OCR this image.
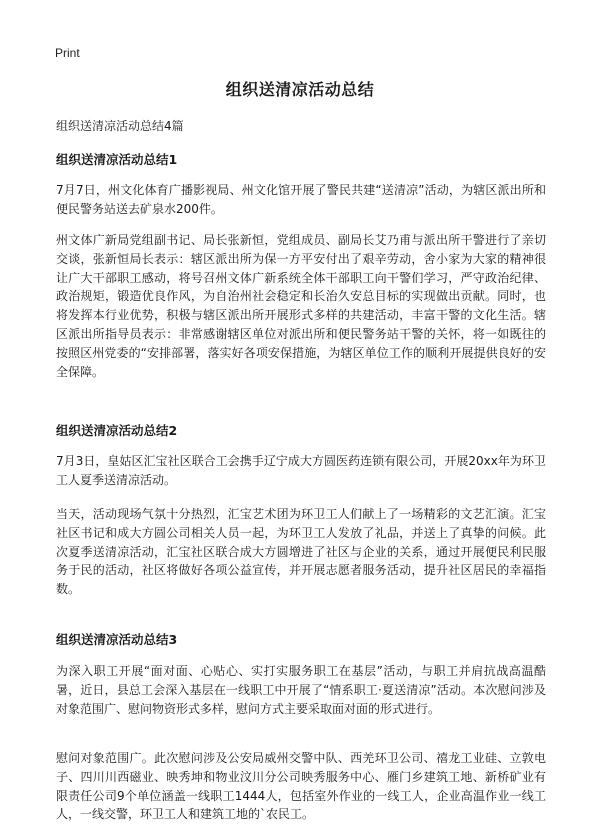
Print
组织送清凉活动总结
组织送清凉活动总结4篇
组织送清凉活动总结1
7月7日，州文化体育广播影视局、州文化馆开展了警民共建“送清凉”活动，为辖区派出所和便民警务站送去矿泉水200件。
州文体广新局党组副书记、局长张新恒，党组成员、副局长艾乃甫与派出所干警进行了亲切交谈，张新恒局长表示：辖区派出所为保一方平安付出了艰辛劳动，舍小家为大家的精神很让广大干部职工感动，将号召州文体广新系统全体干部职工向干警们学习，严守政治纪律、政治规矩，锻造优良作风，为自治州社会稳定和长治久安总目标的实现做出贡献。同时，也将发挥本行业优势，积极与辖区派出所开展形式多样的共建活动，丰富干警的文化生活。辖区派出所指导员表示：非常感谢辖区单位对派出所和便民警务站干警的关怀，将一如既往的按照区州党委的“安排部署，落实好各项安保措施，为辖区单位工作的顺利开展提供良好的安全保障。
组织送清凉活动总结2
7月3日，皇姑区汇宝社区联合工会携手辽宁成大方圆医药连锁有限公司，开展20xx年为环卫工人夏季送清凉活动。
当天，活动现场气氛十分热烈，汇宝艺术团为环卫工人们献上了一场精彩的文艺汇演。汇宝社区书记和成大方圆公司相关人员一起，为环卫工人发放了礼品，并送上了真挚的问候。此次夏季送清凉活动，汇宝社区联合成大方圆增进了社区与企业的关系，通过开展便民利民服务于民的活动，社区将做好各项公益宣传，并开展志愿者服务活动，提升社区居民的幸福指数。
组织送清凉活动总结3
为深入职工开展“面对面、心贴心、实打实服务职工在基层”活动，与职工并肩抗战高温酷暑，近日，县总工会深入基层在一线职工中开展了“情系职工·夏送清凉”活动。本次慰问涉及对象范围广、慰问物资形式多样，慰问方式主要采取面对面的形式进行。
慰问对象范围广。此次慰问涉及公安局威州交警中队、西羌环卫公司、禧龙工业硅、立敦电子、四川川西磁业、映秀坤和物业汶川分公司映秀服务中心、雁门乡建筑工地、新桥矿业有限责任公司9个单位涵盖一线职工1444人，包括室外作业的一线工人，企业高温作业一线工人，一线交警，环卫工人和建筑工地的`农民工。
